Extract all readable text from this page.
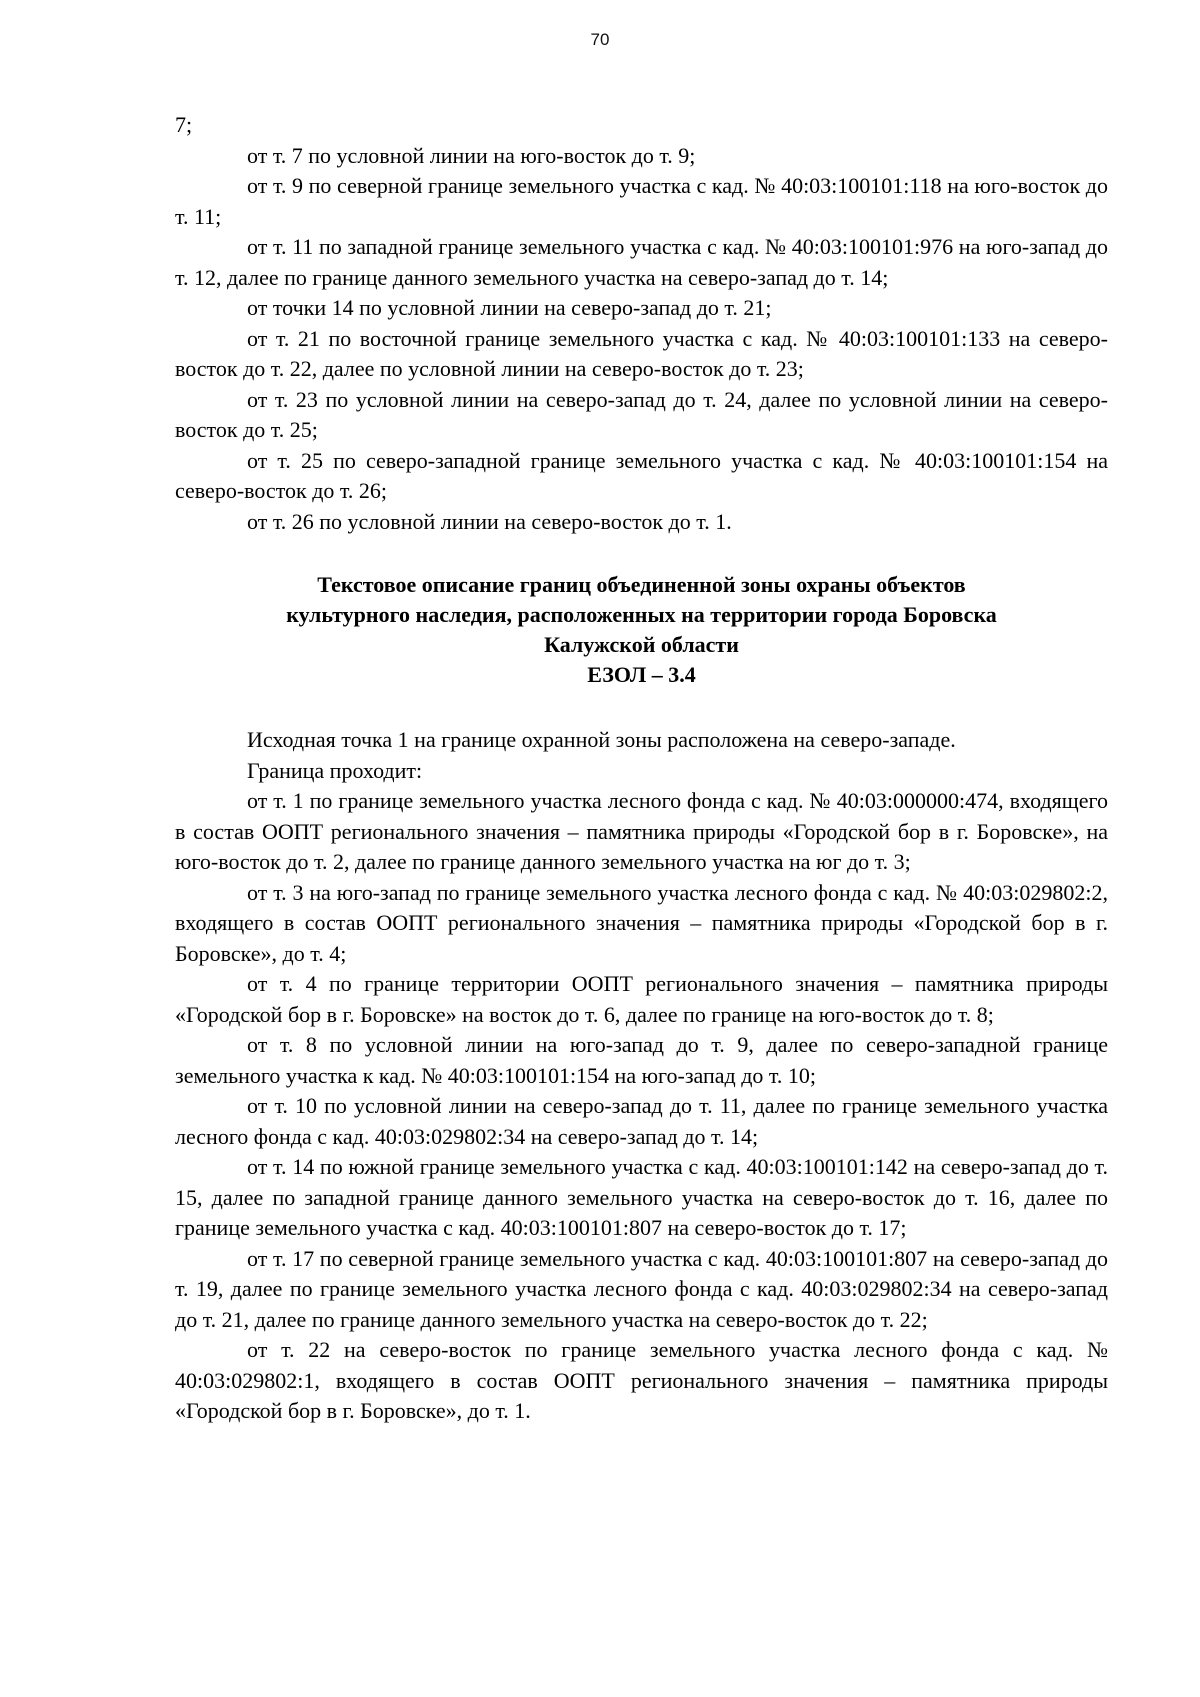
70

7;

от т. 7 по условной линии на юго-восток до т. 9;

от т. 9 по северной границе земельного участка с кад. № 40:03:100101:118 на юго-восток до т. 11;

от т. 11 по западной границе земельного участка с кад. № 40:03:100101:976 на юго-запад до т. 12, далее по границе данного земельного участка на северо-запад до т. 14;

от точки 14 по условной линии на северо-запад до т. 21;

от т. 21 по восточной границе земельного участка с кад. № 40:03:100101:133 на северо-восток до т. 22, далее по условной линии на северо-восток до т. 23;

от т. 23 по условной линии на северо-запад до т. 24, далее по условной линии на северо-восток до т. 25;

от т. 25 по северо-западной границе земельного участка с кад. № 40:03:100101:154 на северо-восток до т. 26;

от т. 26 по условной линии на северо-восток до т. 1.

Текстовое описание границ объединенной зоны охраны объектов
культурного наследия, расположенных на территории города Боровска
Калужской области
ЕЗОЛ – 3.4

Исходная точка 1 на границе охранной зоны расположена на северо-западе.

Граница проходит:

от т. 1 по границе земельного участка лесного фонда с кад. № 40:03:000000:474, входящего в состав ООПТ регионального значения – памятника природы «Городской бор в г. Боровске», на юго-восток до т. 2, далее по границе данного земельного участка на юг до т. 3;

от т. 3 на юго-запад по границе земельного участка лесного фонда с кад. № 40:03:029802:2, входящего в состав ООПТ регионального значения – памятника природы «Городской бор в г. Боровске», до т. 4;

от т. 4 по границе территории ООПТ регионального значения – памятника природы «Городской бор в г. Боровске» на восток до т. 6, далее по границе на юго-восток до т. 8;

от т. 8 по условной линии на юго-запад до т. 9, далее по северо-западной границе земельного участка к кад. № 40:03:100101:154 на юго-запад до т. 10;

от т. 10 по условной линии на северо-запад до т. 11, далее по границе земельного участка лесного фонда с кад. 40:03:029802:34 на северо-запад до т. 14;

от т. 14 по южной границе земельного участка с кад. 40:03:100101:142 на северо-запад до т. 15, далее по западной границе данного земельного участка на северо-восток до т. 16, далее по границе земельного участка с кад. 40:03:100101:807 на северо-восток до т. 17;

от т. 17 по северной границе земельного участка с кад. 40:03:100101:807 на северо-запад до т. 19, далее по границе земельного участка лесного фонда с кад. 40:03:029802:34 на северо-запад до т. 21, далее по границе данного земельного участка на северо-восток до т. 22;

от т. 22 на северо-восток по границе земельного участка лесного фонда с кад. № 40:03:029802:1, входящего в состав ООПТ регионального значения – памятника природы «Городской бор в г. Боровске», до т. 1.
